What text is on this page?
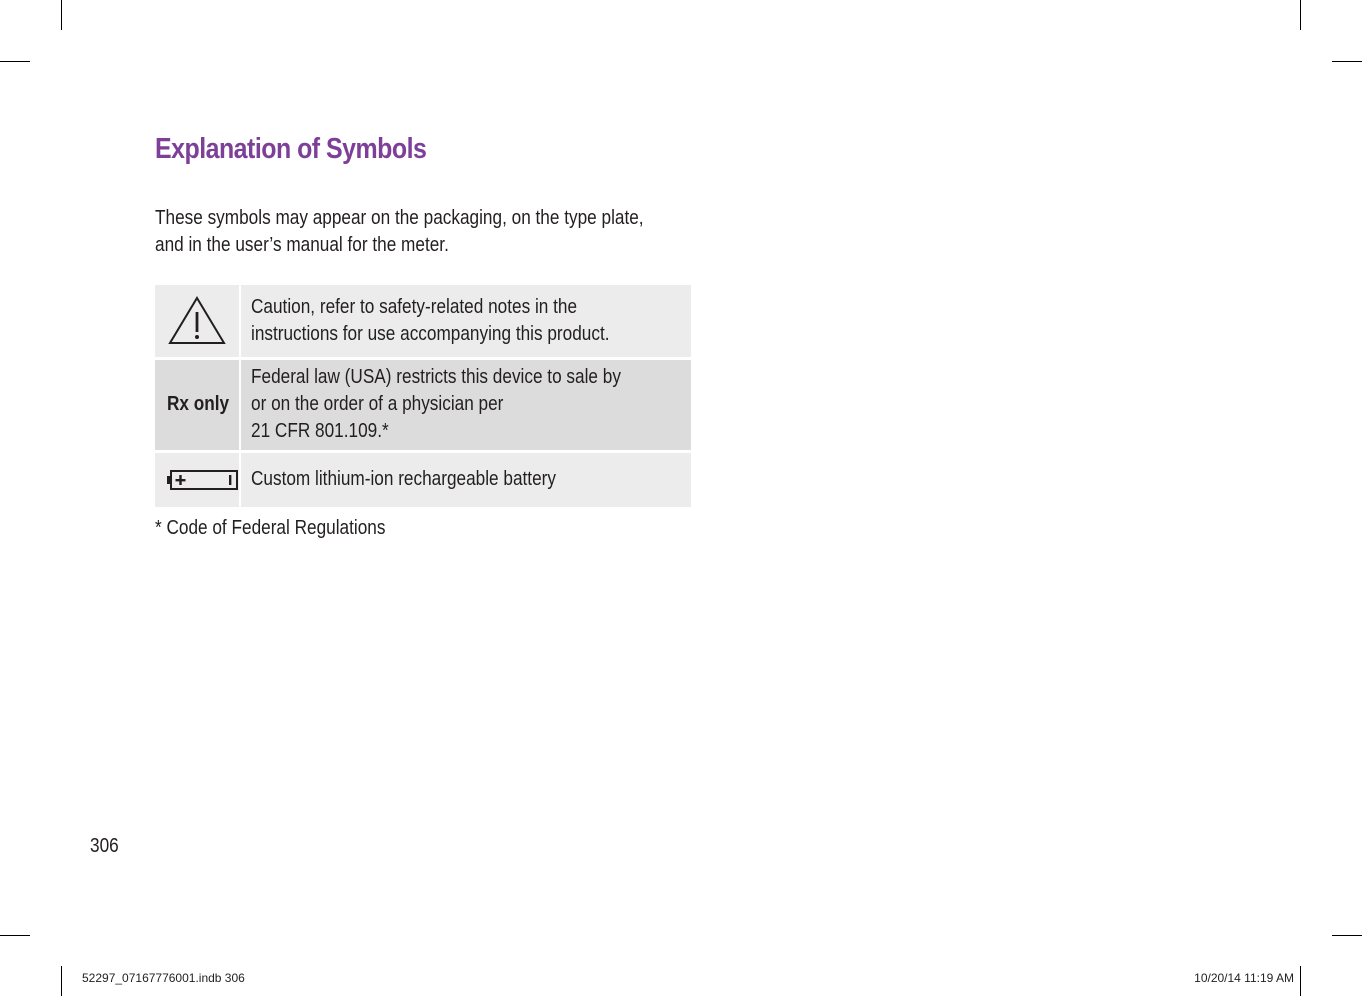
Explanation of Symbols

These symbols may appear on the packaging, on the type plate,
and in the user’s manual for the meter.

Caution, refer to safety-related notes in the
instructions for use accompanying this product.

Rx only	Federal law (USA) restricts this device to sale by
or on the order of a physician per
21 CFR 801.109.*

Custom lithium-ion rechargeable battery

* Code of Federal Regulations

306
52297_07167776001.indb 306	10/20/14 11:19 AM
